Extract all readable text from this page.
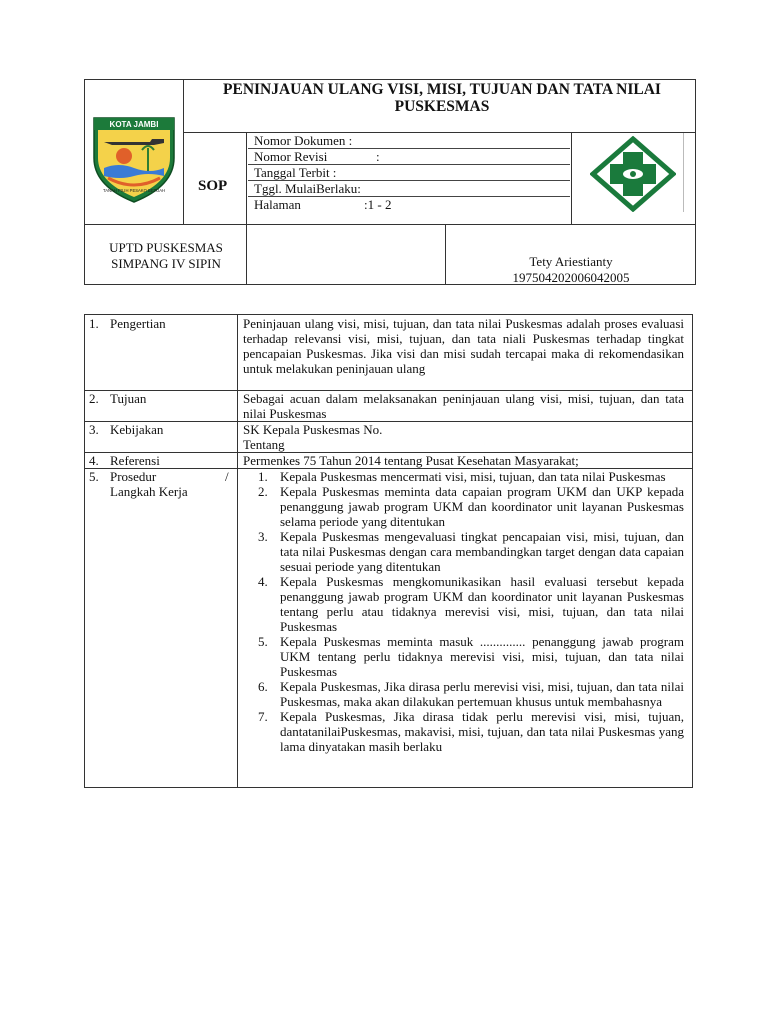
PENINJAUAN ULANG VISI, MISI, TUJUAN DAN TATA NILAI PUSKESMAS
KOTA JAMBI
TANAH PILIH PESAKO BETUAH SOP
Nomor Dokumen :
Nomor Revisi	:
Tanggal Terbit :
Tggl. MulaiBerlaku:
Halaman	:1 - 2
UPTD PUSKESMAS
SIMPANG IV SIPIN	Tety Ariestianty
197504202006042005
1. Pengertian	Peninjauan ulang visi, misi, tujuan, dan tata nilai Puskesmas adalah proses evaluasi terhadap relevansi visi, misi, tujuan, dan tata niali Puskesmas terhadap tingkat pencapaian Puskesmas. Jika visi dan misi sudah tercapai maka di rekomendasikan untuk melakukan peninjauan ulang
2. Tujuan	Sebagai acuan dalam melaksanakan peninjauan ulang visi, misi, tujuan, dan tata nilai Puskesmas
3. Kebijakan	SK Kepala Puskesmas No.
Tentang
4. Referensi	Permenkes 75 Tahun 2014 tentang Pusat Kesehatan Masyarakat;
5. Prosedur	/
Langkah Kerja
1. Kepala Puskesmas mencermati visi, misi, tujuan, dan tata nilai Puskesmas
2. Kepala Puskesmas meminta data capaian program UKM dan UKP kepada penanggung jawab program UKM dan koordinator unit layanan Puskesmas selama periode yang ditentukan
3. Kepala Puskesmas mengevaluasi tingkat pencapaian visi, misi, tujuan, dan tata nilai Puskesmas dengan cara membandingkan target dengan data capaian sesuai periode yang ditentukan
4. Kepala Puskesmas mengkomunikasikan hasil evaluasi tersebut kepada penanggung jawab program UKM dan koordinator unit layanan Puskesmas tentang perlu atau tidaknya merevisi visi, misi, tujuan, dan tata nilai Puskesmas
5. Kepala Puskesmas meminta masuk .............. penanggung jawab program UKM tentang perlu tidaknya merevisi visi, misi, tujuan, dan tata nilai Puskesmas
6. Kepala Puskesmas, Jika dirasa perlu merevisi visi, misi, tujuan, dan tata nilai Puskesmas, maka akan dilakukan pertemuan khusus untuk membahasnya
7. Kepala Puskesmas, Jika dirasa tidak perlu merevisi visi, misi, tujuan, dantatanilaiPuskesmas, makavisi, misi, tujuan, dan tata nilai Puskesmas yang lama dinyatakan masih berlaku
